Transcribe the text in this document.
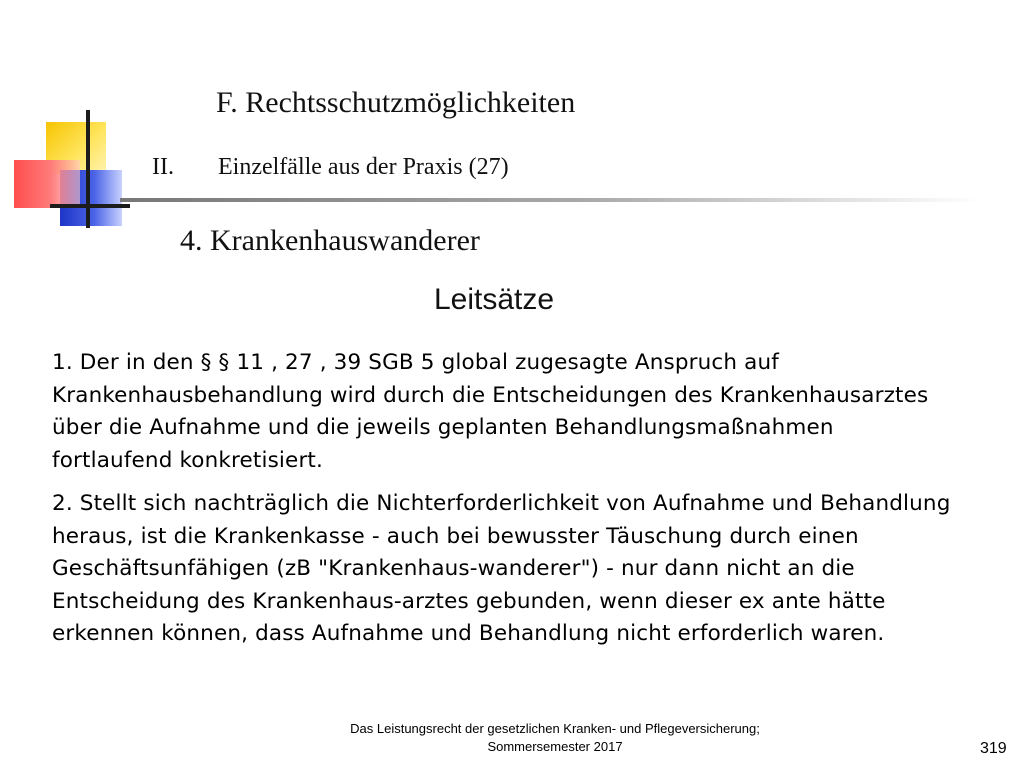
F. Rechtsschutzmöglichkeiten
II. Einzelfälle aus der Praxis (27)
4. Krankenhauswanderer
Leitsätze

1. Der in den § § 11 , 27 , 39 SGB 5 global zugesagte Anspruch auf Krankenhausbehandlung wird durch die Entscheidungen des Krankenhausarztes über die Aufnahme und die jeweils geplanten Behandlungsmaßnahmen fortlaufend konkretisiert.

2. Stellt sich nachträglich die Nichterforderlichkeit von Aufnahme und Behandlung heraus, ist die Krankenkasse - auch bei bewusster Täuschung durch einen Geschäftsunfähigen (zB "Krankenhaus-wanderer") - nur dann nicht an die Entscheidung des Krankenhaus-arztes gebunden, wenn dieser ex ante hätte erkennen können, dass Aufnahme und Behandlung nicht erforderlich waren.

Das Leistungsrecht der gesetzlichen Kranken- und Pflegeversicherung;
Sommersemester 2017	319
